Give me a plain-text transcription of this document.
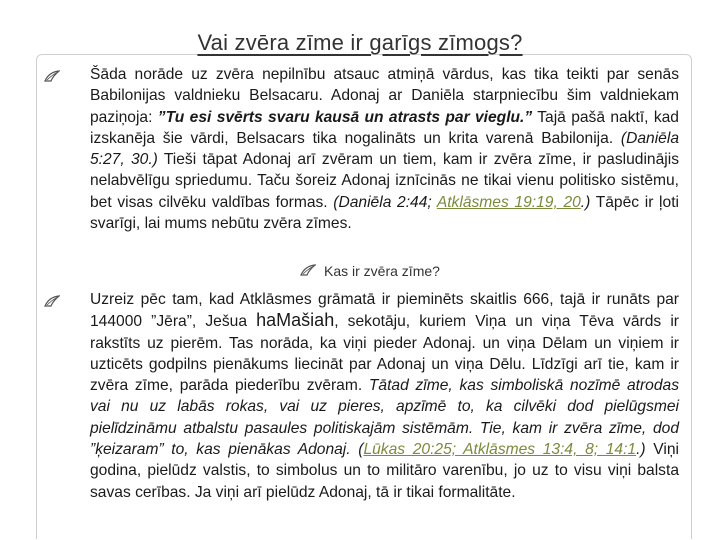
Vai zvēra zīme ir garīgs zīmogs?
Šāda norāde uz zvēra nepilnību atsauc atmiņā vārdus, kas tika teikti par senās Babilonijas valdnieku Belsacaru. Adonaj ar Daniēla starpniecību šim valdniekam paziņoja: ”Tu esi svērts svaru kausā un atrasts par vieglu.” Tajā pašā naktī, kad izskanēja šie vārdi, Belsacars tika nogalināts un krita varenā Babilonija. (Daniēla 5:27, 30.) Tieši tāpat Adonaj arī zvēram un tiem, kam ir zvēra zīme, ir pasludinājis nelabvēlīgu spriedumu. Taču šoreiz Adonaj iznīcinās ne tikai vienu politisko sistēmu, bet visas cilvēku valdības formas. (Daniēla 2:44; Atklāsmes 19:19, 20.) Tāpēc ir ļoti svarīgi, lai mums nebūtu zvēra zīmes.
Kas ir zvēra zīme?
Uzreiz pēc tam, kad Atklāsmes grāmatā ir pieminēts skaitlis 666, tajā ir runāts par 144000 ”Jēra”, Ješua haMašiah, sekotāju, kuriem Viņa un viņa Tēva vārds ir rakstīts uz pierēm. Tas norāda, ka viņi pieder Adonaj. un viņa Dēlam un viņiem ir uzticēts godpilns pienākums liecināt par Adonaj un viņa Dēlu. Līdzīgi arī tie, kam ir zvēra zīme, parāda piederību zvēram. Tātad zīme, kas simboliskā nozīmē atrodas vai nu uz labās rokas, vai uz pieres, apzīmē to, ka cilvēki dod pielūgsmei pielīdzināmu atbalstu pasaules politiskajām sistēmām. Tie, kam ir zvēra zīme, dod ”ķeizaram” to, kas pienākas Adonaj. (Lūkas 20:25; Atklāsmes 13:4, 8; 14:1.) Viņi godina, pielūdz valstis, to simbolus un to militāro varenību, jo uz to visu viņi balsta savas cerības. Ja viņi arī pielūdz Adonaj, tā ir tikai formalitāte.
